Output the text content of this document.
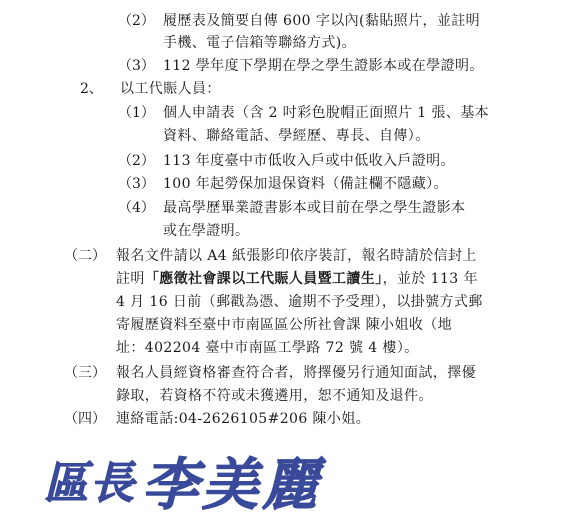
（2） 履歷表及簡要自傳 600 字以內(黏貼照片，並註明
手機、電子信箱等聯絡方式)。
（3） 112 學年度下學期在學之學生證影本或在學證明。
2、 以工代賑人員：
（1） 個人申請表（含 2 吋彩色脫帽正面照片 1 張、基本
資料、聯絡電話、學經歷、專長、自傳）。
（2） 113 年度臺中市低收入戶或中低收入戶證明。
（3） 100 年起勞保加退保資料（備註欄不隱藏）。
（4） 最高學歷畢業證書影本或目前在學之學生證影本
或在學證明。
（二） 報名文件請以 A4 紙張影印依序裝訂，報名時請於信封上
註明「應徵社會課以工代賑人員暨工讀生」，並於 113 年
4 月 16 日前（郵戳為憑、逾期不予受理），以掛號方式郵
寄履歷資料至臺中市南區區公所社會課 陳小姐收（地
址：402204 臺中市南區工學路 72 號 4 樓）。
（三） 報名人員經資格審查符合者，將擇優另行通知面試，擇優
錄取，若資格不符或未獲遴用，恕不通知及退件。
（四） 連絡電話:04-2626105#206 陳小姐。
區長 李美麗
